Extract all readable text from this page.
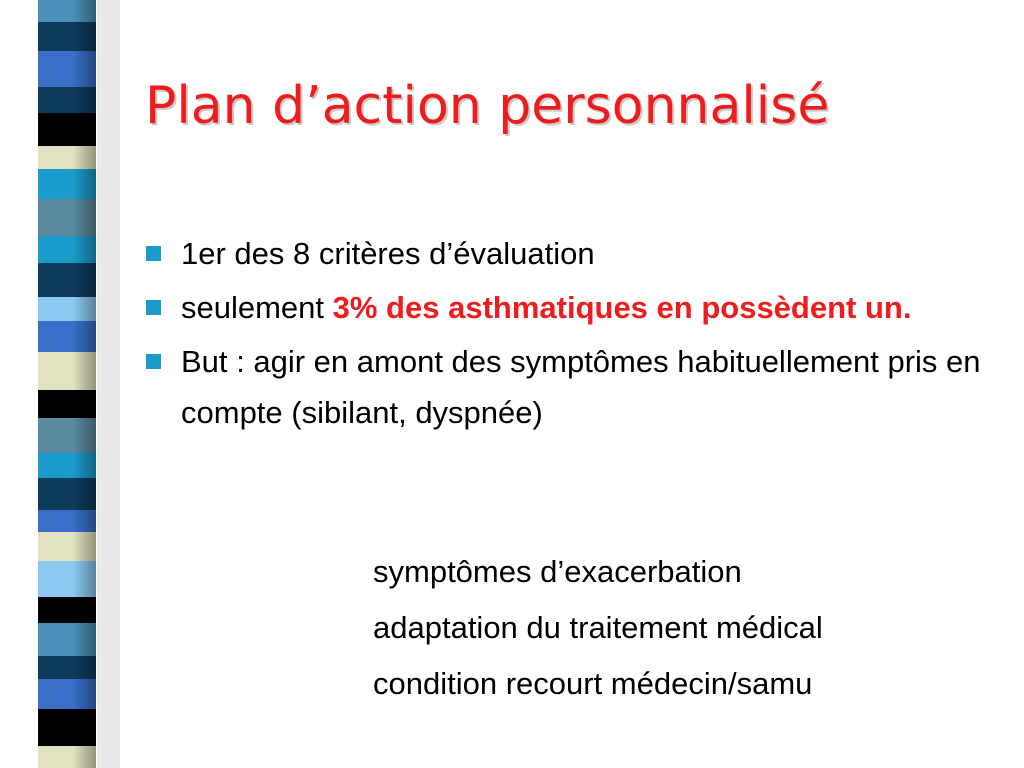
Plan d’action personnalisé
1er des 8 critères d’évaluation
seulement 3% des asthmatiques en possèdent un.
But : agir en amont des symptômes habituellement pris en compte (sibilant, dyspnée)
symptômes d’exacerbation
adaptation du traitement médical
condition recourt médecin/samu
